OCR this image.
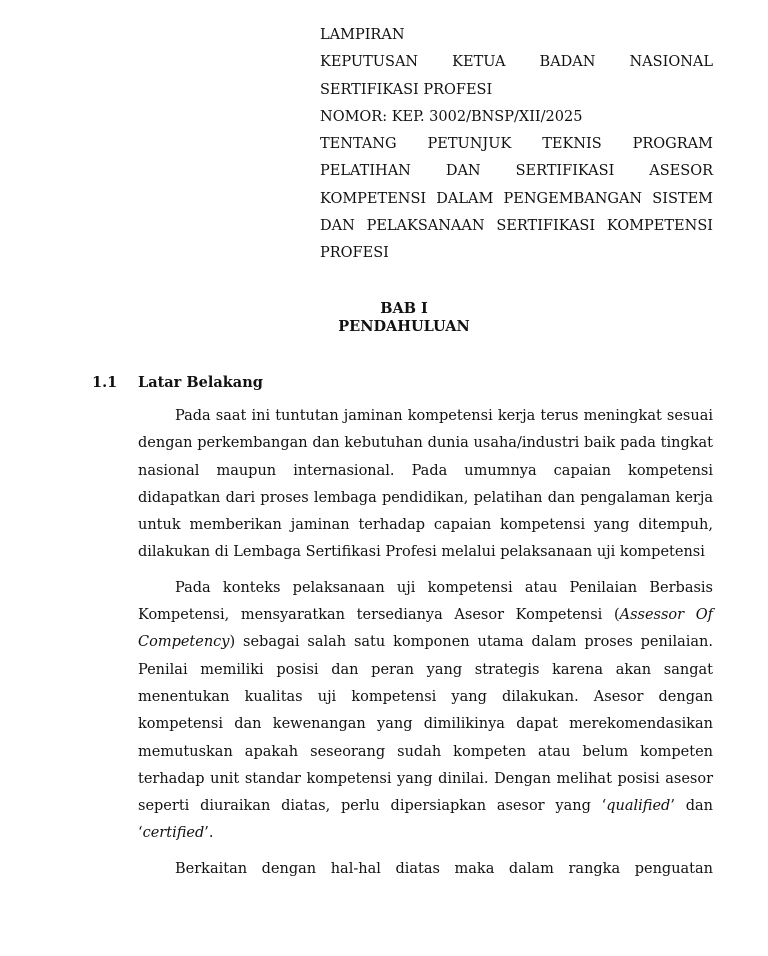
LAMPIRAN
KEPUTUSAN KETUA BADAN NASIONAL
SERTIFIKASI PROFESI
NOMOR: KEP. 3002/BNSP/XII/2025
TENTANG PETUNJUK TEKNIS PROGRAM
PELATIHAN DAN SERTIFIKASI ASESOR
KOMPETENSI DALAM PENGEMBANGAN SISTEM
DAN PELAKSANAAN SERTIFIKASI KOMPETENSI
PROFESI
BAB I
PENDAHULUAN
1.1 Latar Belakang

Pada saat ini tuntutan jaminan kompetensi kerja terus meningkat sesuai dengan perkembangan dan kebutuhan dunia usaha/industri baik pada tingkat nasional maupun internasional. Pada umumnya capaian kompetensi didapatkan dari proses lembaga pendidikan, pelatihan dan pengalaman kerja untuk memberikan jaminan terhadap capaian kompetensi yang ditempuh, dilakukan di Lembaga Sertifikasi Profesi melalui pelaksanaan uji kompetensi

Pada konteks pelaksanaan uji kompetensi atau Penilaian Berbasis Kompetensi, mensyaratkan tersedianya Asesor Kompetensi (Assessor Of Competency) sebagai salah satu komponen utama dalam proses penilaian. Penilai memiliki posisi dan peran yang strategis karena akan sangat menentukan kualitas uji kompetensi yang dilakukan. Asesor dengan kompetensi dan kewenangan yang dimilikinya dapat merekomendasikan memutuskan apakah seseorang sudah kompeten atau belum kompeten terhadap unit standar kompetensi yang dinilai. Dengan melihat posisi asesor seperti diuraikan diatas, perlu dipersiapkan asesor yang ‘qualified’ dan ‘certified’.

Berkaitan dengan hal-hal diatas maka dalam rangka penguatan
